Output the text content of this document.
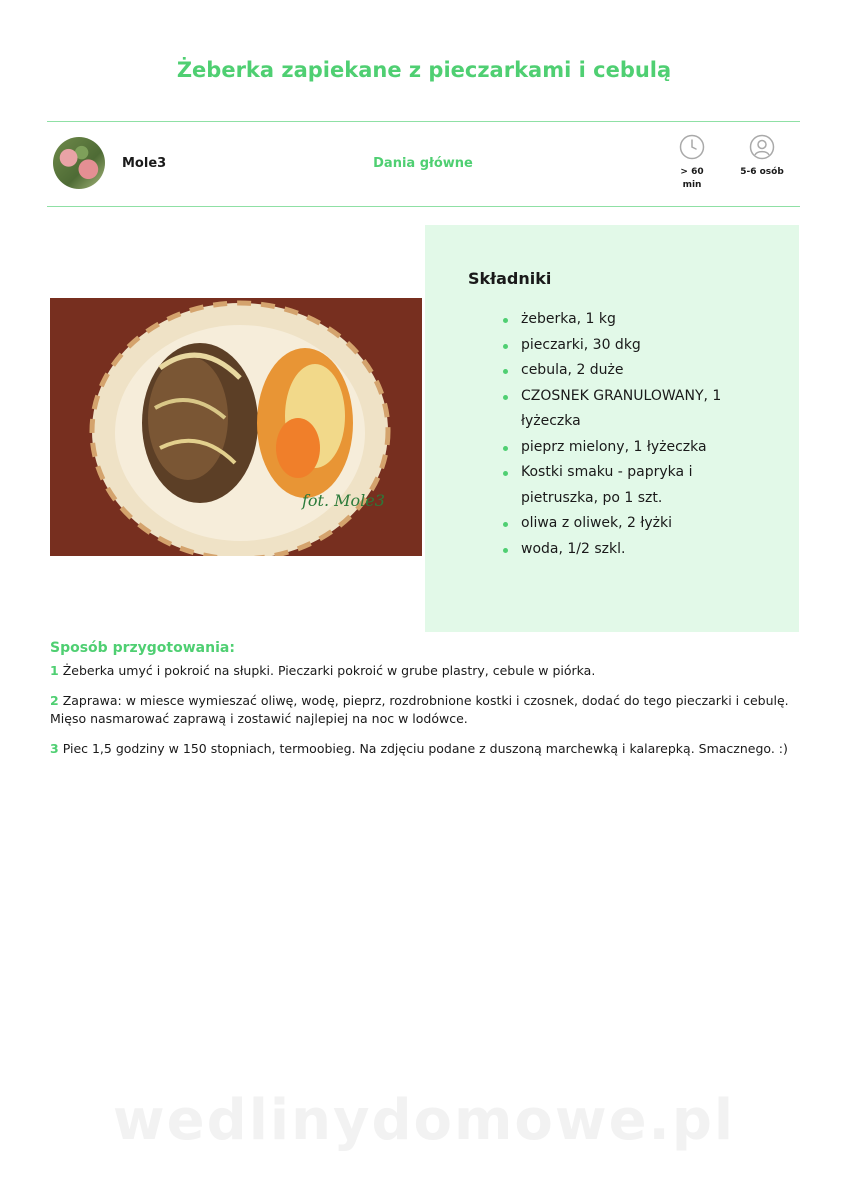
Żeberka zapiekane z pieczarkami i cebulą
Mole3	Dania główne
> 60
min
5-6 osób
fot. Mole3
Składniki
żeberka, 1 kg
pieczarki, 30 dkg
cebula, 2 duże
CZOSNEK GRANULOWANY, 1 łyżeczka
pieprz mielony, 1 łyżeczka
Kostki smaku - papryka i pietruszka, po 1 szt.
oliwa z oliwek, 2 łyżki
woda, 1/2 szkl.
Sposób przygotowania:

1 Żeberka umyć i pokroić na słupki. Pieczarki pokroić w grube plastry, cebule w piórka.

2 Zaprawa: w miesce wymieszać oliwę, wodę, pieprz, rozdrobnione kostki i czosnek, dodać do tego pieczarki i cebulę. Mięso nasmarować zaprawą i zostawić najlepiej na noc w lodówce.

3 Piec 1,5 godziny w 150 stopniach, termoobieg. Na zdjęciu podane z duszoną marchewką i kalarepką. Smacznego. :)

wedlinydomowe.pl
